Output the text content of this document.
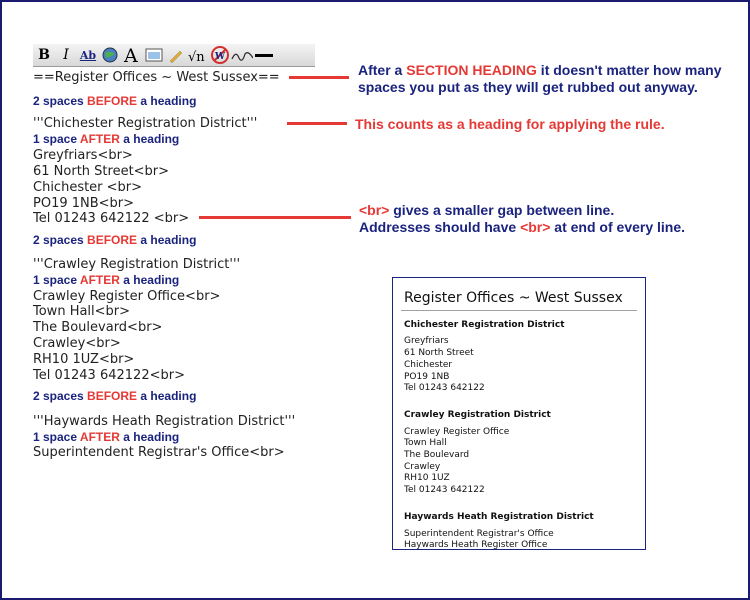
B I	Ab A	√n W
==Register Offices ~ West Sussex==
2 spaces BEFORE a heading
'''Chichester Registration District'''
1 space AFTER a heading
Greyfriars<br>
61 North Street<br>
Chichester <br>
PO19 1NB<br>
Tel 01243 642122 <br>
2 spaces BEFORE a heading
'''Crawley Registration District'''
1 space AFTER a heading
Crawley Register Office<br>
Town Hall<br>
The Boulevard<br>
Crawley<br>
RH10 1UZ<br>
Tel 01243 642122<br>
2 spaces BEFORE a heading
'''Haywards Heath Registration District'''
1 space AFTER a heading
Superintendent Registrar's Office<br>
After a SECTION HEADING it doesn't matter how many
spaces you put as they will get rubbed out anyway.
This counts as a heading for applying the rule.
<br> gives a smaller gap between line.
Addresses should have <br> at end of every line.
Register Offices ~ West Sussex
Chichester Registration District
Greyfriars
61 North Street
Chichester
PO19 1NB
Tel 01243 642122
Crawley Registration District
Crawley Register Office
Town Hall
The Boulevard
Crawley
RH10 1UZ
Tel 01243 642122
Haywards Heath Registration District
Superintendent Registrar's Office
Haywards Heath Register Office
